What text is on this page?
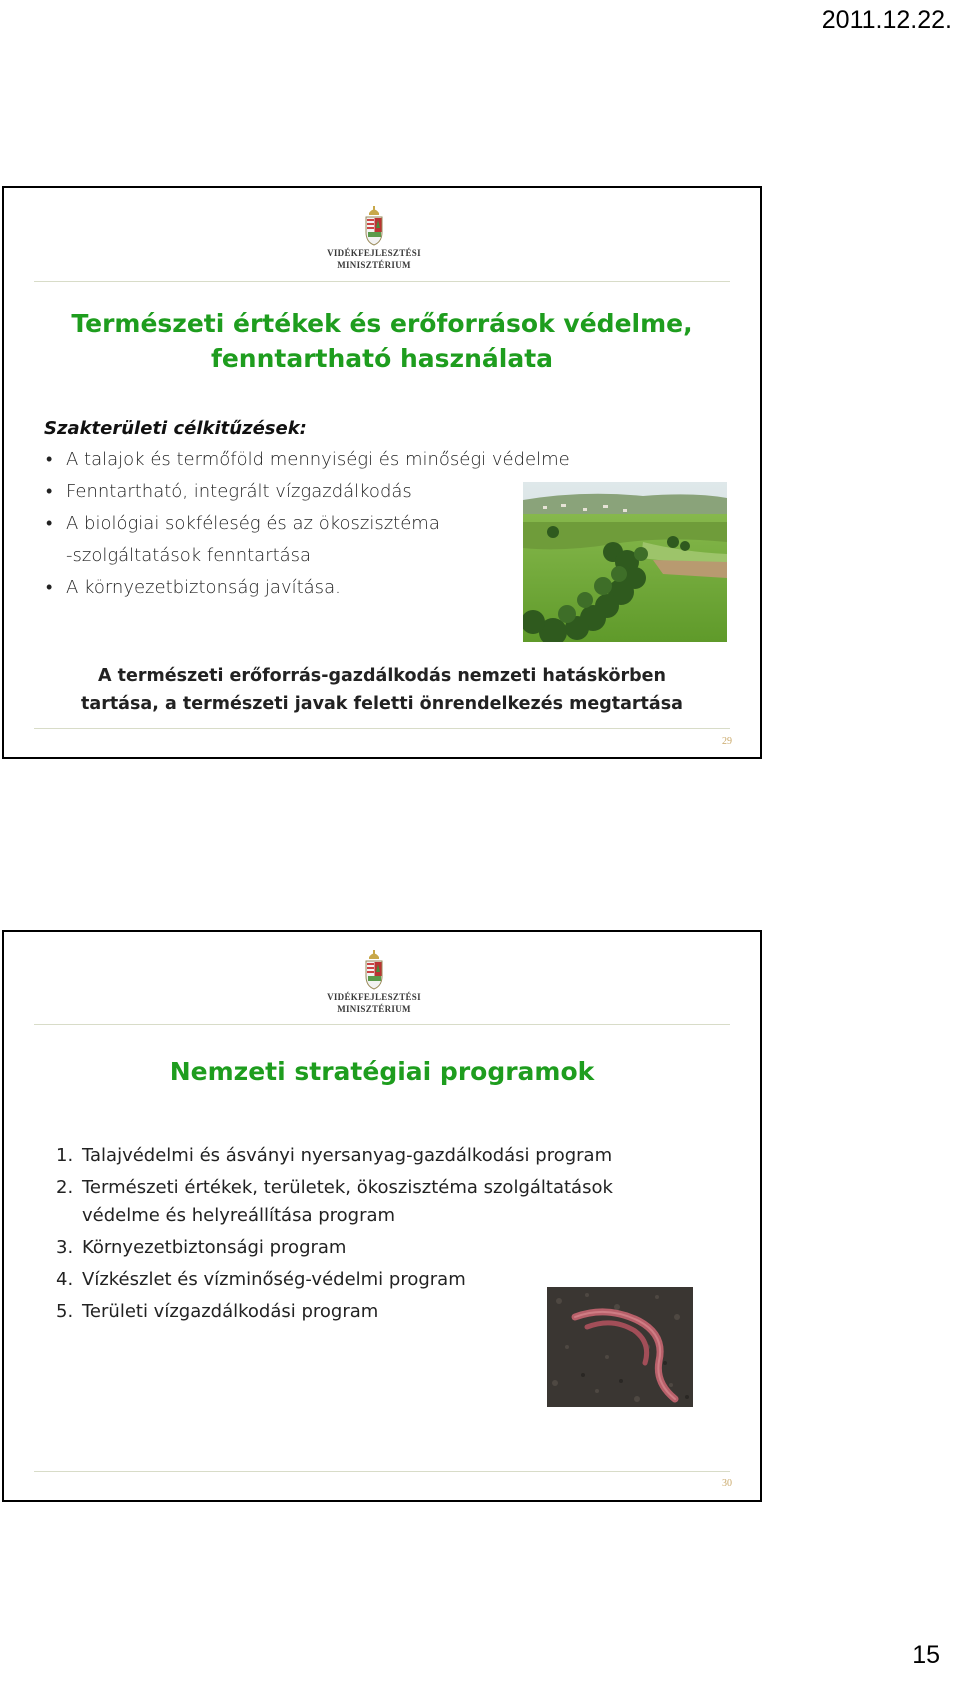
2011.12.22.
VIDÉKFEJLESZTÉSI
MINISZTÉRIUM
Természeti értékek és erőforrások védelme,
fenntartható használata
Szakterületi célkitűzések:
• A talajok és termőföld mennyiségi és minőségi védelme
• Fenntartható, integrált vízgazdálkodás
• A biológiai sokféleség és az ökoszisztéma
-szolgáltatások fenntartása
• A környezetbiztonság javítása.
A természeti erőforrás-gazdálkodás nemzeti hatáskörben
tartása, a természeti javak feletti önrendelkezés megtartása
29
VIDÉKFEJLESZTÉSI
MINISZTÉRIUM
Nemzeti stratégiai programok
1. Talajvédelmi és ásványi nyersanyag-gazdálkodási program
2. Természeti értékek, területek, ökoszisztéma szolgáltatások
védelme és helyreállítása program
3. Környezetbiztonsági program
4. Vízkészlet és vízminőség-védelmi program
5. Területi vízgazdálkodási program
30
15
